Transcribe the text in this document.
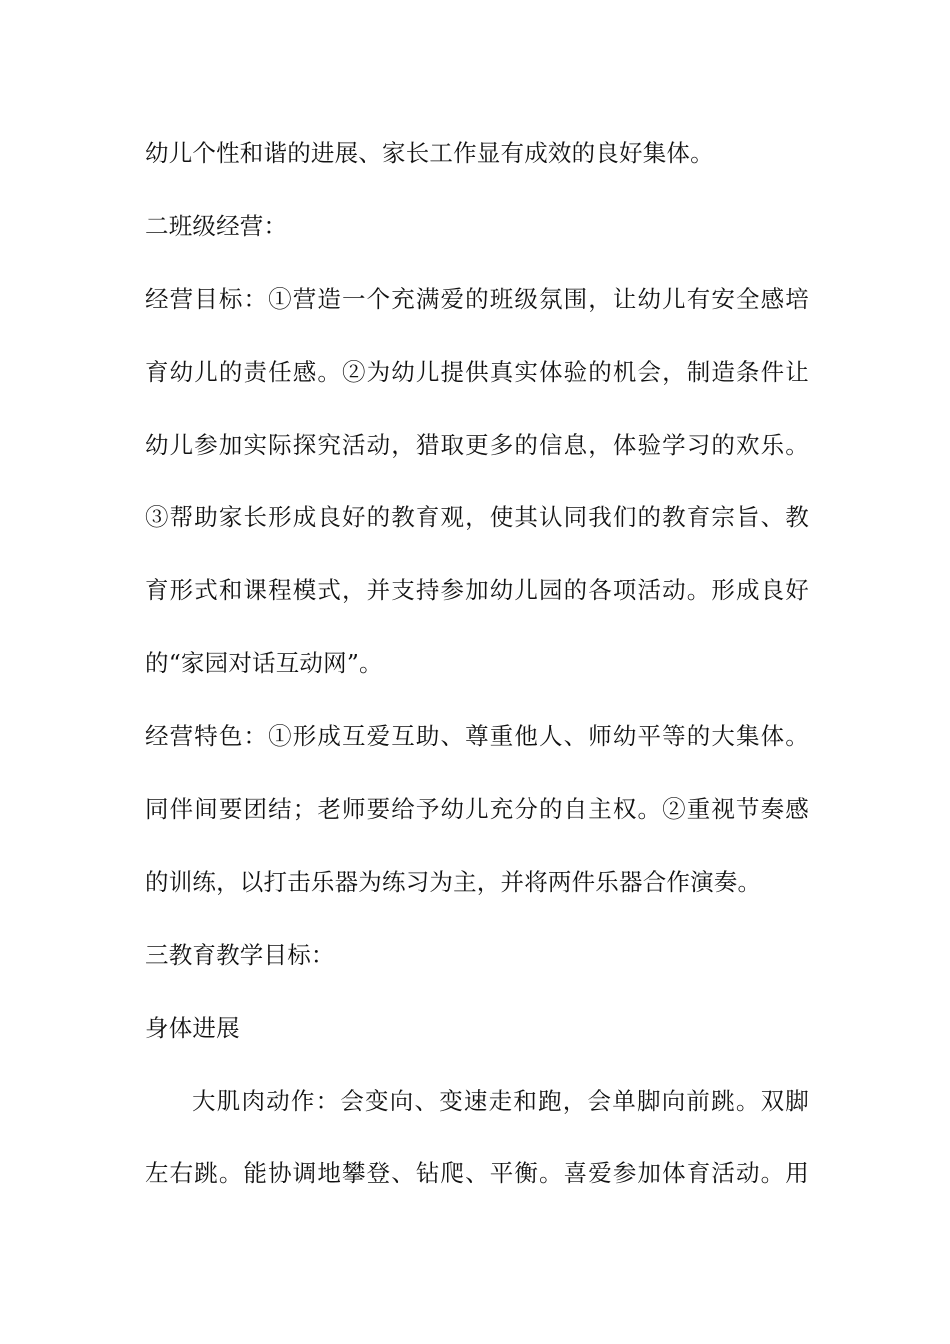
幼儿个性和谐的进展、家长工作显有成效的良好集体。

二班级经营：

经营目标：①营造一个充满爱的班级氛围，让幼儿有安全感培

育幼儿的责任感。②为幼儿提供真实体验的机会，制造条件让

幼儿参加实际探究活动，猎取更多的信息，体验学习的欢乐。

③帮助家长形成良好的教育观，使其认同我们的教育宗旨、教

育形式和课程模式，并支持参加幼儿园的各项活动。形成良好

的“家园对话互动网”。

经营特色：①形成互爱互助、尊重他人、师幼平等的大集体。

同伴间要团结；老师要给予幼儿充分的自主权。②重视节奏感

的训练，以打击乐器为练习为主，并将两件乐器合作演奏。

三教育教学目标：

身体进展

大肌肉动作：会变向、变速走和跑，会单脚向前跳。双脚

左右跳。能协调地攀登、钻爬、平衡。喜爱参加体育活动。用
